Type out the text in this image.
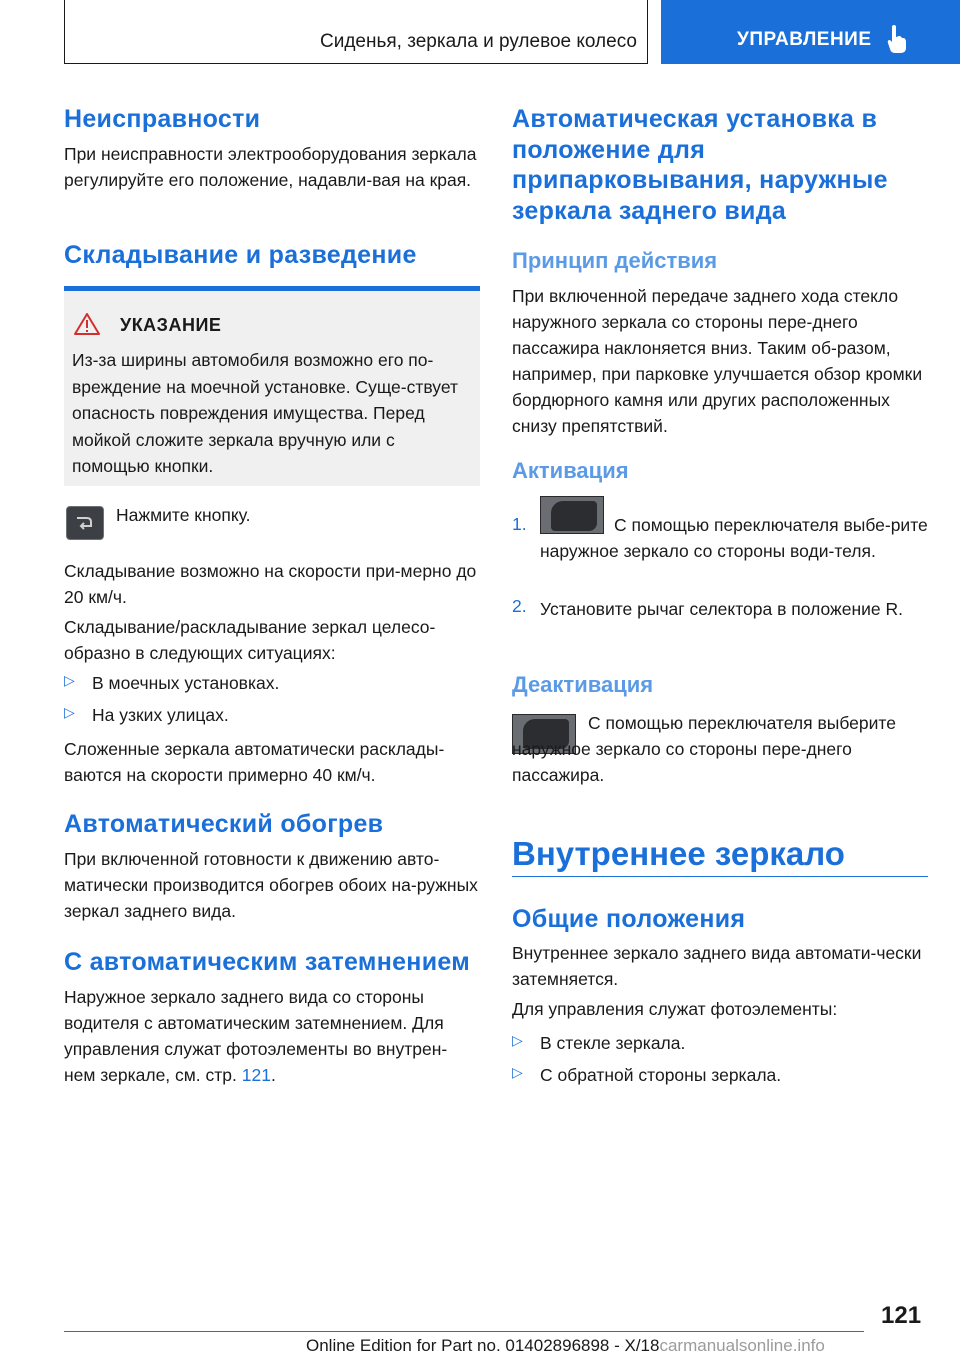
Сиденья, зеркала и рулевое колесо	УПРАВЛЕНИЕ
Неисправности

При неисправности электрооборудования зеркала регулируйте его положение, надавли-вая на края.

Складывание и разведение
УКАЗАНИЕ
Из-за ширины автомобиля возможно его по-вреждение на моечной установке. Суще-ствует опасность повреждения имущества. Перед мойкой сложите зеркала вручную или с помощью кнопки.

Нажмите кнопку.

Складывание возможно на скорости при-мерно до 20 км/ч.

Складывание/раскладывание зеркал целесо-образно в следующих ситуациях:

▷ В моечных установках.

▷ На узких улицах.

Сложенные зеркала автоматически расклады-ваются на скорости примерно 40 км/ч.

Автоматический обогрев

При включенной готовности к движению авто-матически производится обогрев обоих на-ружных зеркал заднего вида.

С автоматическим затемнением

Наружное зеркало заднего вида со стороны водителя с автоматическим затемнением. Для управления служат фотоэлементы во внутрен-нем зеркале, см. стр. 121.

Автоматическая установка в положение для припарковывания, наружные зеркала заднего вида
Принцип действия

При включенной передаче заднего хода стекло наружного зеркала со стороны пере-днего пассажира наклоняется вниз. Таким об-разом, например, при парковке улучшается обзор кромки бордюрного камня или других расположенных снизу препятствий.

Активация
1.	С помощью переключателя выбе-рите наружное зеркало со стороны води-теля.

2. Установите рычаг селектора в положение R.

Деактивация

С помощью переключателя выберите наружное зеркало со стороны пере-днего пассажира.

Внутреннее зеркало
Общие положения

Внутреннее зеркало заднего вида автомати-чески затемняется.

Для управления служат фотоэлементы:

▷ В стекле зеркала.

▷ С обратной стороны зеркала.

121
Online Edition for Part no. 01402896898 - X/18carmanualsonline.info
